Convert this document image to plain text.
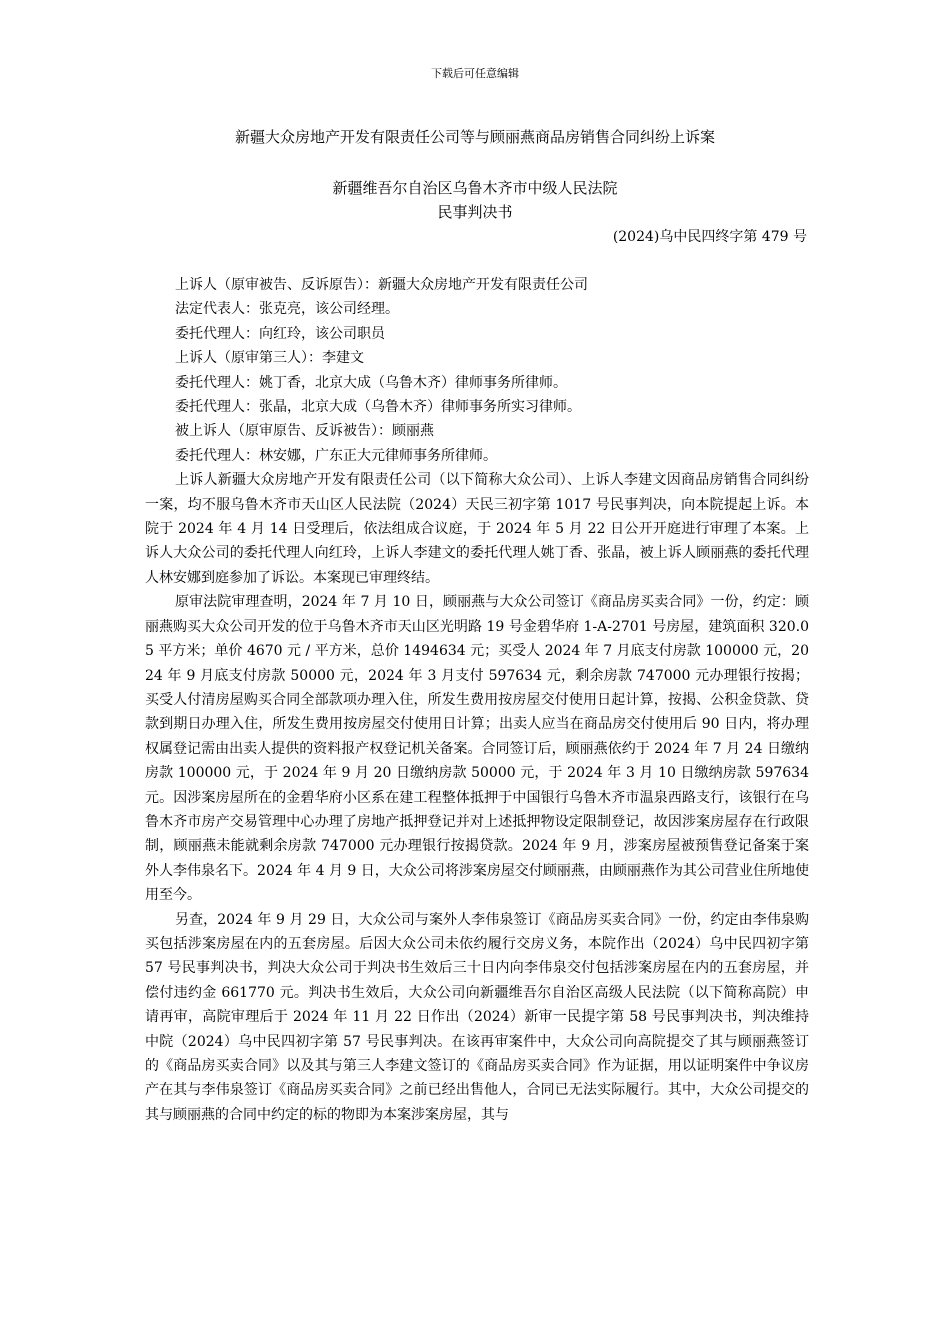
下载后可任意编辑
新疆大众房地产开发有限责任公司等与顾丽燕商品房销售合同纠纷上诉案
新疆维吾尔自治区乌鲁木齐市中级人民法院
民事判决书
(2024)乌中民四终字第 479 号

上诉人（原审被告、反诉原告）：新疆大众房地产开发有限责任公司

法定代表人：张克亮，该公司经理。

委托代理人：向红玲，该公司职员

上诉人（原审第三人）：李建文

委托代理人：姚丁香，北京大成（乌鲁木齐）律师事务所律师。

委托代理人：张晶，北京大成（乌鲁木齐）律师事务所实习律师。

被上诉人（原审原告、反诉被告）：顾丽燕

委托代理人：林安娜，广东正大元律师事务所律师。

上诉人新疆大众房地产开发有限责任公司（以下简称大众公司）、上诉人李建文因商品房销售合同纠纷一案，均不服乌鲁木齐市天山区人民法院（2024）天民三初字第 1017 号民事判决，向本院提起上诉。本院于 2024 年 4 月 14 日受理后，依法组成合议庭，于 2024 年 5 月 22 日公开开庭进行审理了本案。上诉人大众公司的委托代理人向红玲，上诉人李建文的委托代理人姚丁香、张晶，被上诉人顾丽燕的委托代理人林安娜到庭参加了诉讼。本案现已审理终结。

原审法院审理查明，2024 年 7 月 10 日，顾丽燕与大众公司签订《商品房买卖合同》一份，约定：顾丽燕购买大众公司开发的位于乌鲁木齐市天山区光明路 19 号金碧华府 1-A-2701 号房屋，建筑面积 320.05 平方米；单价 4670 元 / 平方米，总价 1494634 元；买受人 2024 年 7 月底支付房款 100000 元，2024 年 9 月底支付房款 50000 元，2024 年 3 月支付 597634 元，剩余房款 747000 元办理银行按揭；买受人付清房屋购买合同全部款项办理入住，所发生费用按房屋交付使用日起计算，按揭、公积金贷款、贷款到期日办理入住，所发生费用按房屋交付使用日计算；出卖人应当在商品房交付使用后 90 日内，将办理权属登记需由出卖人提供的资料报产权登记机关备案。合同签订后，顾丽燕依约于 2024 年 7 月 24 日缴纳房款 100000 元，于 2024 年 9 月 20 日缴纳房款 50000 元，于 2024 年 3 月 10 日缴纳房款 597634 元。因涉案房屋所在的金碧华府小区系在建工程整体抵押于中国银行乌鲁木齐市温泉西路支行，该银行在乌鲁木齐市房产交易管理中心办理了房地产抵押登记并对上述抵押物设定限制登记，故因涉案房屋存在行政限制，顾丽燕未能就剩余房款 747000 元办理银行按揭贷款。2024 年 9 月，涉案房屋被预售登记备案于案外人李伟泉名下。2024 年 4 月 9 日，大众公司将涉案房屋交付顾丽燕，由顾丽燕作为其公司营业住所地使用至今。

另查，2024 年 9 月 29 日，大众公司与案外人李伟泉签订《商品房买卖合同》一份，约定由李伟泉购买包括涉案房屋在内的五套房屋。后因大众公司未依约履行交房义务，本院作出（2024）乌中民四初字第 57 号民事判决书，判决大众公司于判决书生效后三十日内向李伟泉交付包括涉案房屋在内的五套房屋，并偿付违约金 661770 元。判决书生效后，大众公司向新疆维吾尔自治区高级人民法院（以下简称高院）申请再审，高院审理后于 2024 年 11 月 22 日作出（2024）新审一民提字第 58 号民事判决书，判决维持中院（2024）乌中民四初字第 57 号民事判决。在该再审案件中，大众公司向高院提交了其与顾丽燕签订的《商品房买卖合同》以及其与第三人李建文签订的《商品房买卖合同》作为证据，用以证明案件中争议房产在其与李伟泉签订《商品房买卖合同》之前已经出售他人，合同已无法实际履行。其中，大众公司提交的其与顾丽燕的合同中约定的标的物即为本案涉案房屋，其与
